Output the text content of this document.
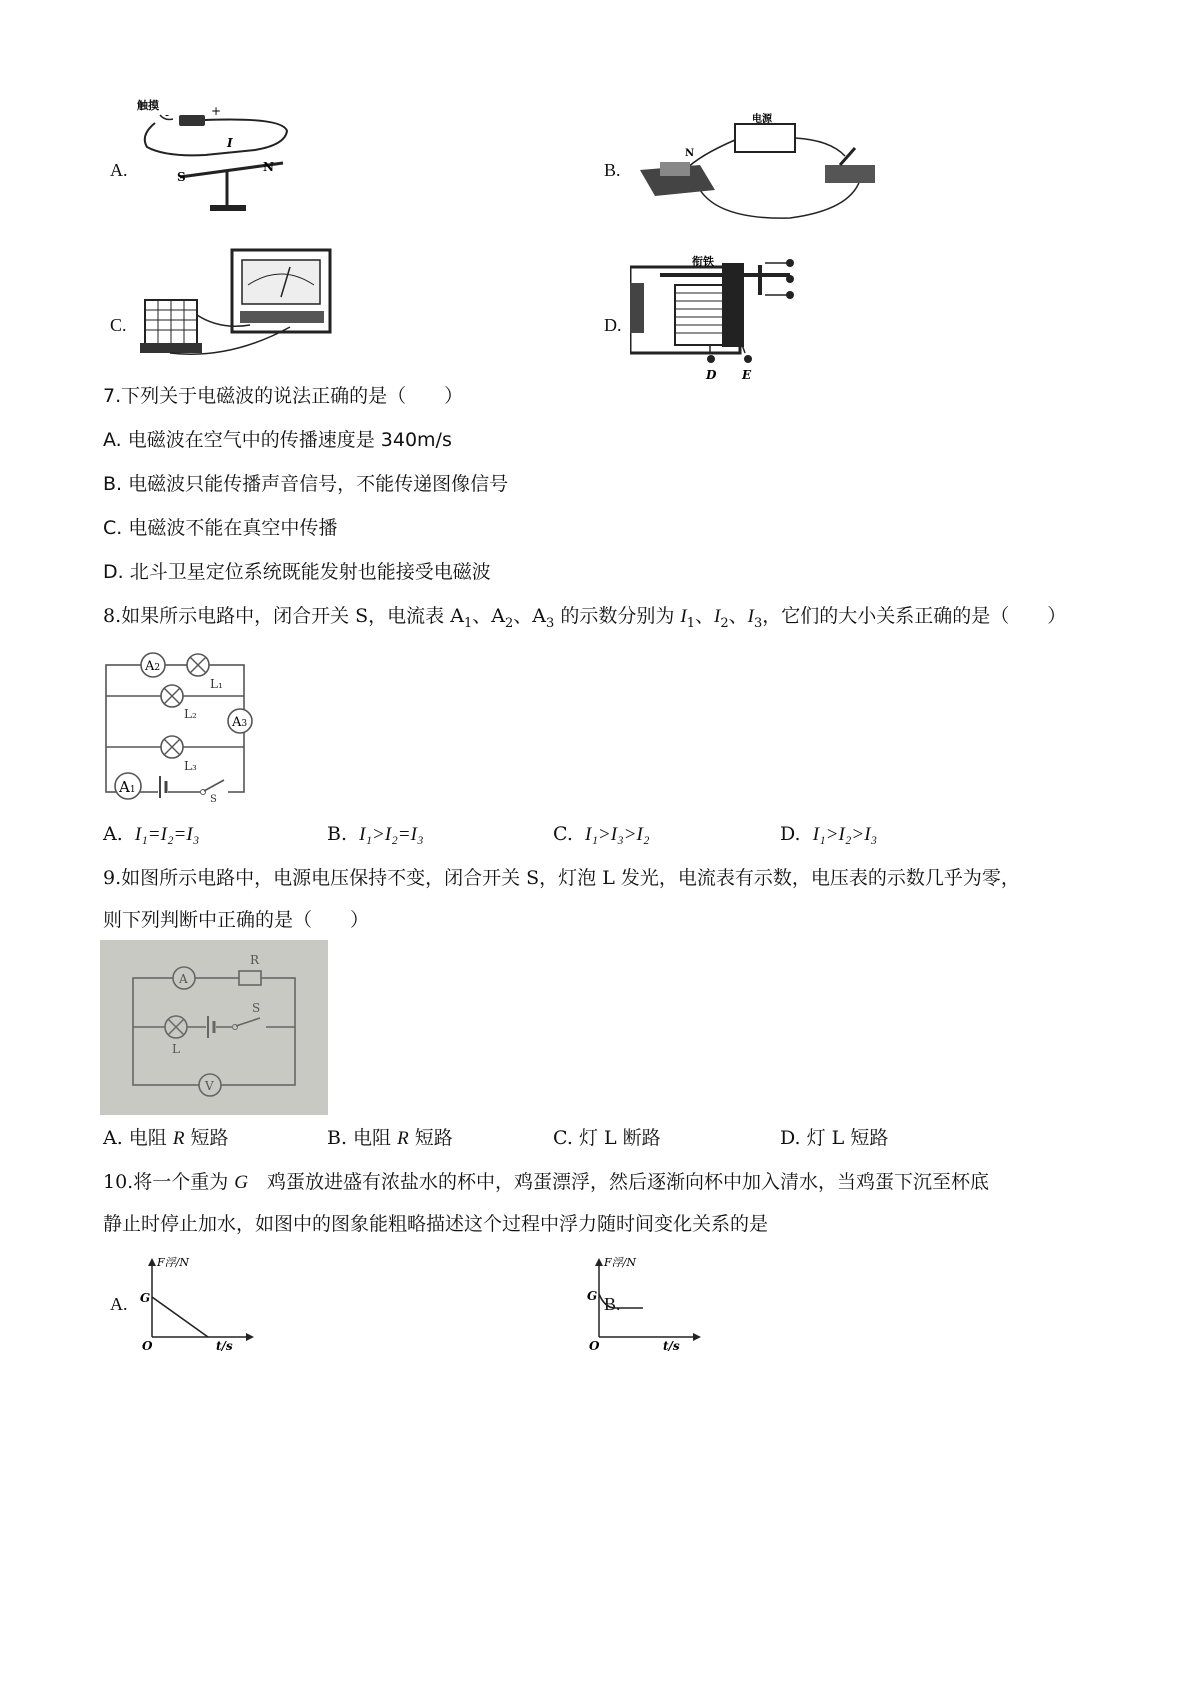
A.
触摸
-	+
I
S
N	B.
电源
N
C.	D.
衔铁
D E
7.下列关于电磁波的说法正确的是（　　）
A. 电磁波在空气中的传播速度是 340m/s
B. 电磁波只能传播声音信号，不能传递图像信号
C. 电磁波不能在真空中传播
D. 北斗卫星定位系统既能发射也能接受电磁波
8.如果所示电路中，闭合开关 S，电流表 $A_1$、$A_2$、$A_3$ 的示数分别为 $I_1$、$I_2$、$I_3$，它们的大小关系正确的是（　　）
A2
L₁
L₂
A3
L₃
A1
S
A. I₁=I₂=I₃	B. I₁>I₂=I₃	C. I₁>I₃>I₂	D. I₁>I₂>I₃
9.如图所示电路中，电源电压保持不变，闭合开关 S，灯泡 L 发光，电流表有示数，电压表的示数几乎为零，
则下列判断中正确的是（　　）
A
R
L
S
V
A. 电阻 R 短路	B. 电阻 R 短路	C. 灯 L 断路	D. 灯 L 短路
10.将一个重为 G　鸡蛋放进盛有浓盐水的杯中，鸡蛋漂浮，然后逐渐向杯中加入清水，当鸡蛋下沉至杯底
静止时停止加水，如图中的图象能粗略描述这个过程中浮力随时间变化关系的是
A.
F浮/N
G
O	t/s
B.
F浮/N
G
O	t/s
